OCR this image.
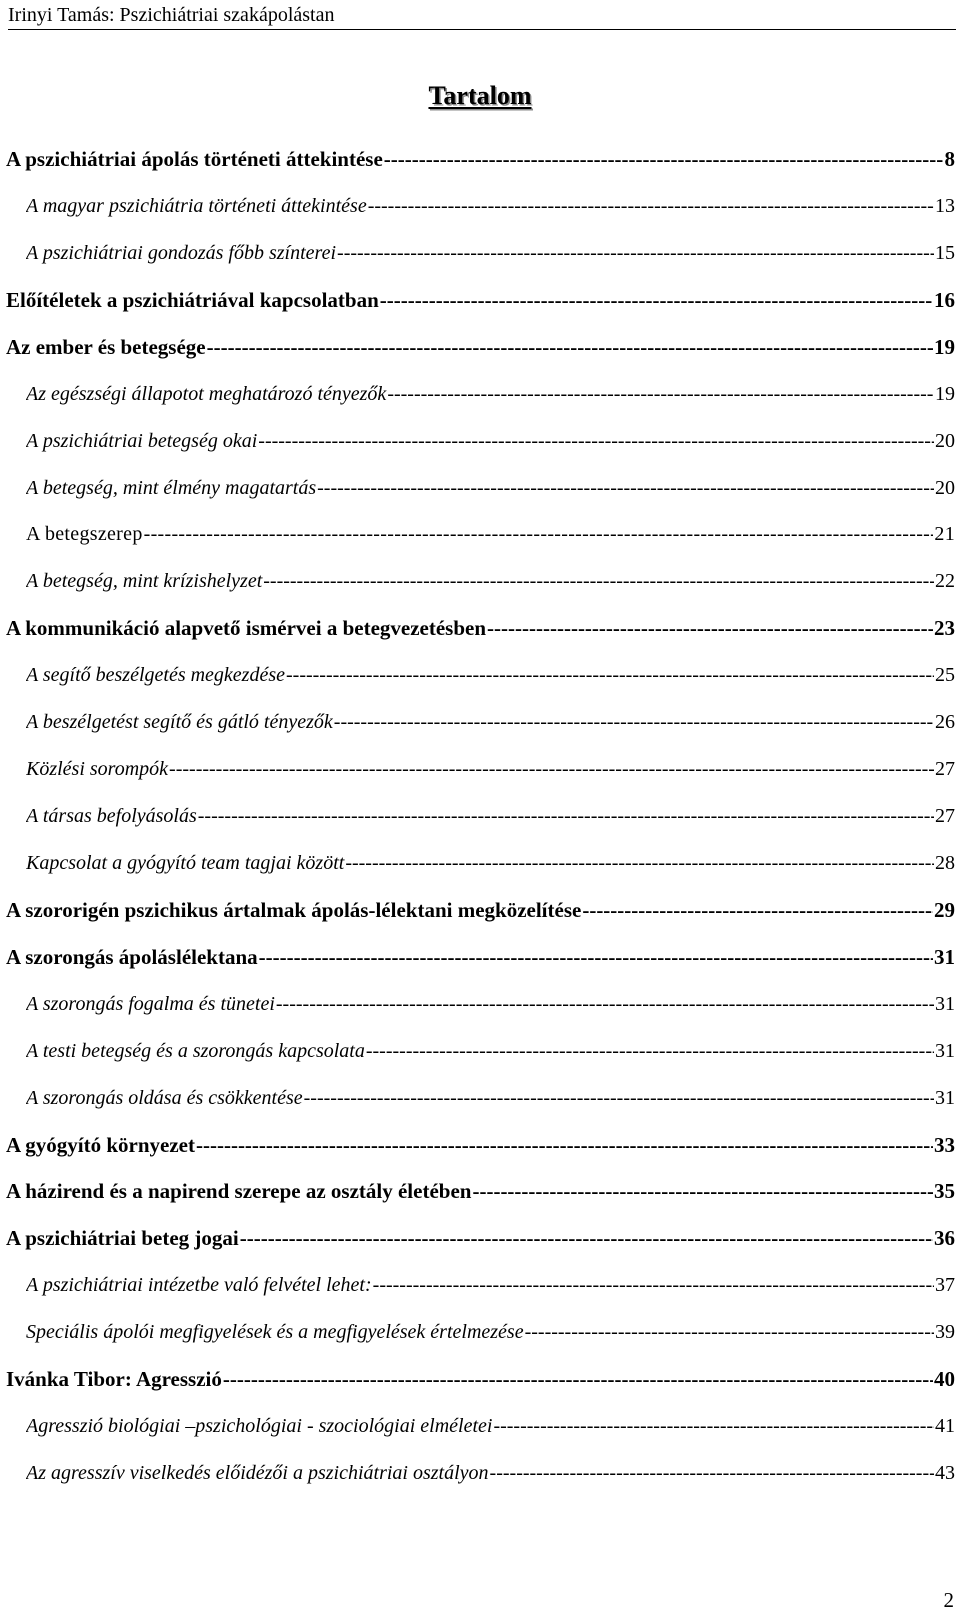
Irinyi Tamás: Pszichiátriai szakápolástan
Tartalom
A pszichiátriai ápolás történeti áttekintése -----	8
A magyar pszichiátria történeti áttekintése -----	13
A pszichiátriai gondozás főbb színterei -----	15
Előítéletek a pszichiátriával kapcsolatban -----	16
Az ember és betegsége -----	19
Az egészségi állapotot meghatározó tényezők -----	19
A pszichiátriai betegség okai -----	20
A betegség, mint élmény magatartás -----	20
A betegszerep -----	21
A betegség, mint krízishelyzet -----	22
A kommunikáció alapvető ismérvei a betegvezetésben -----	23
A segítő beszélgetés megkezdése -----	25
A beszélgetést segítő és gátló tényezők -----	26
Közlési sorompók -----	27
A társas befolyásolás -----	27
Kapcsolat a gyógyító team tagjai között -----	28
A szororigén pszichikus ártalmak ápolás-lélektani megközelítése -----	29
A szorongás ápoláslélektana -----	31
A szorongás fogalma és tünetei -----	31
A testi betegség és a szorongás kapcsolata -----	31
A szorongás oldása és csökkentése -----	31
A gyógyító környezet -----	33
A házirend és a napirend szerepe az osztály életében -----	35
A pszichiátriai beteg jogai -----	36
A pszichiátriai intézetbe való felvétel lehet: -----	37
Speciális ápolói megfigyelések és a megfigyelések értelmezése -----	39
Ivánka Tibor: Agresszió -----	40
Agresszió biológiai –pszichológiai - szociológiai elméletei -----	41
Az agresszív viselkedés előidézői a pszichiátriai osztályon -----	43
2
